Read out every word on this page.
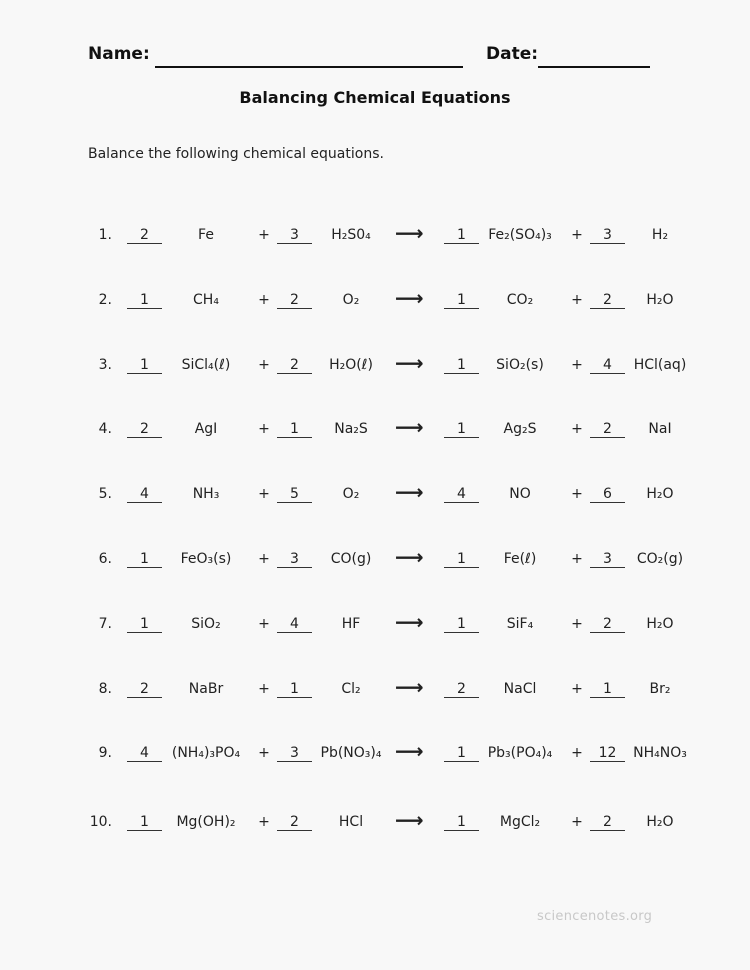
Name:	Date:
Balancing Chemical Equations
Balance the following chemical equations.
1.	2	Fe	+	3	H₂S0₄	⟶	1	Fe₂(SO₄)₃	+	3	H₂
2.	1	CH₄	+	2	O₂	⟶	1	CO₂	+	2	H₂O
3.	1	SiCl₄(ℓ)	+	2	H₂O(ℓ)	⟶	1	SiO₂(s)	+	4	HCl(aq)
4.	2	AgI	+	1	Na₂S	⟶	1	Ag₂S	+	2	NaI
5.	4	NH₃	+	5	O₂	⟶	4	NO	+	6	H₂O
6.	1	FeO₃(s)	+	3	CO(g)	⟶	1	Fe(ℓ)	+	3	CO₂(g)
7.	1	SiO₂	+	4	HF	⟶	1	SiF₄	+	2	H₂O
8.	2	NaBr	+	1	Cl₂	⟶	2	NaCl	+	1	Br₂
9.	4	(NH₄)₃PO₄	+	3	Pb(NO₃)₄ ⟶	1	Pb₃(PO₄)₄	+	12	NH₄NO₃
10.	1	Mg(OH)₂	+	2	HCl	⟶	1	MgCl₂	+	2	H₂O
sciencenotes.org
